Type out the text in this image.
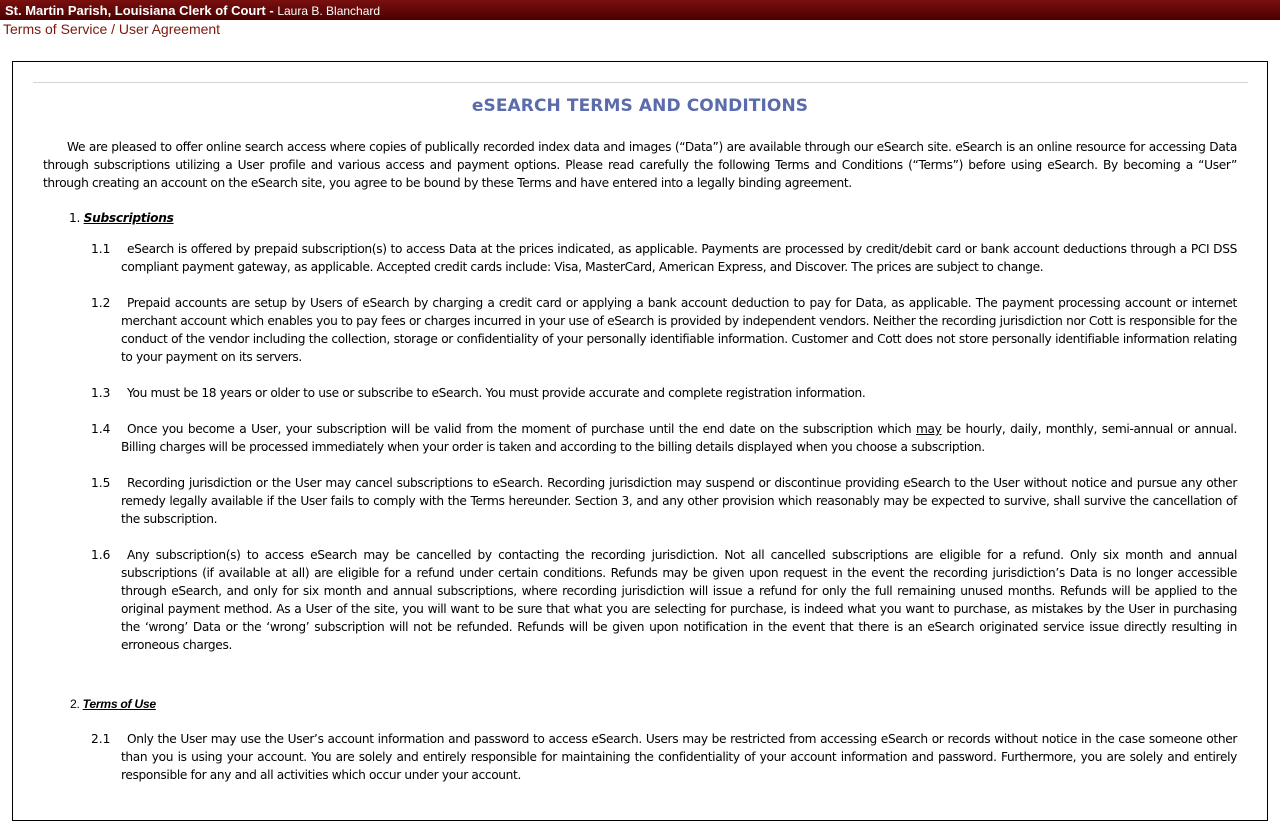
St. Martin Parish, Louisiana Clerk of Court - Laura B. Blanchard
Terms of Service / User Agreement
eSEARCH TERMS AND CONDITIONS
We are pleased to offer online search access where copies of publically recorded index data and images (“Data”) are available through our eSearch site. eSearch is an online resource for accessing Data through subscriptions utilizing a User profile and various access and payment options. Please read carefully the following Terms and Conditions (“Terms”) before using eSearch. By becoming a “User” through creating an account on the eSearch site, you agree to be bound by these Terms and have entered into a legally binding agreement.
1. Subscriptions
1.1	eSearch is offered by prepaid subscription(s) to access Data at the prices indicated, as applicable. Payments are processed by credit/debit card or bank account deductions through a PCI DSS compliant payment gateway, as applicable. Accepted credit cards include: Visa, MasterCard, American Express, and Discover. The prices are subject to change.
1.2	Prepaid accounts are setup by Users of eSearch by charging a credit card or applying a bank account deduction to pay for Data, as applicable. The payment processing account or internet merchant account which enables you to pay fees or charges incurred in your use of eSearch is provided by independent vendors. Neither the recording jurisdiction nor Cott is responsible for the conduct of the vendor including the collection, storage or confidentiality of your personally identifiable information. Customer and Cott does not store personally identifiable information relating to your payment on its servers.
1.3	You must be 18 years or older to use or subscribe to eSearch. You must provide accurate and complete registration information.
1.4	Once you become a User, your subscription will be valid from the moment of purchase until the end date on the subscription which may be hourly, daily, monthly, semi-annual or annual. Billing charges will be processed immediately when your order is taken and according to the billing details displayed when you choose a subscription.
1.5	Recording jurisdiction or the User may cancel subscriptions to eSearch. Recording jurisdiction may suspend or discontinue providing eSearch to the User without notice and pursue any other remedy legally available if the User fails to comply with the Terms hereunder. Section 3, and any other provision which reasonably may be expected to survive, shall survive the cancellation of the subscription.
1.6	Any subscription(s) to access eSearch may be cancelled by contacting the recording jurisdiction. Not all cancelled subscriptions are eligible for a refund. Only six month and annual subscriptions (if available at all) are eligible for a refund under certain conditions. Refunds may be given upon request in the event the recording jurisdiction’s Data is no longer accessible through eSearch, and only for six month and annual subscriptions, where recording jurisdiction will issue a refund for only the full remaining unused months. Refunds will be applied to the original payment method. As a User of the site, you will want to be sure that what you are selecting for purchase, is indeed what you want to purchase, as mistakes by the User in purchasing the ‘wrong’ Data or the ‘wrong’ subscription will not be refunded. Refunds will be given upon notification in the event that there is an eSearch originated service issue directly resulting in erroneous charges.
2. Terms of Use
2.1	Only the User may use the User’s account information and password to access eSearch. Users may be restricted from accessing eSearch or records without notice in the case someone other than you is using your account. You are solely and entirely responsible for maintaining the confidentiality of your account information and password. Furthermore, you are solely and entirely responsible for any and all activities which occur under your account.
